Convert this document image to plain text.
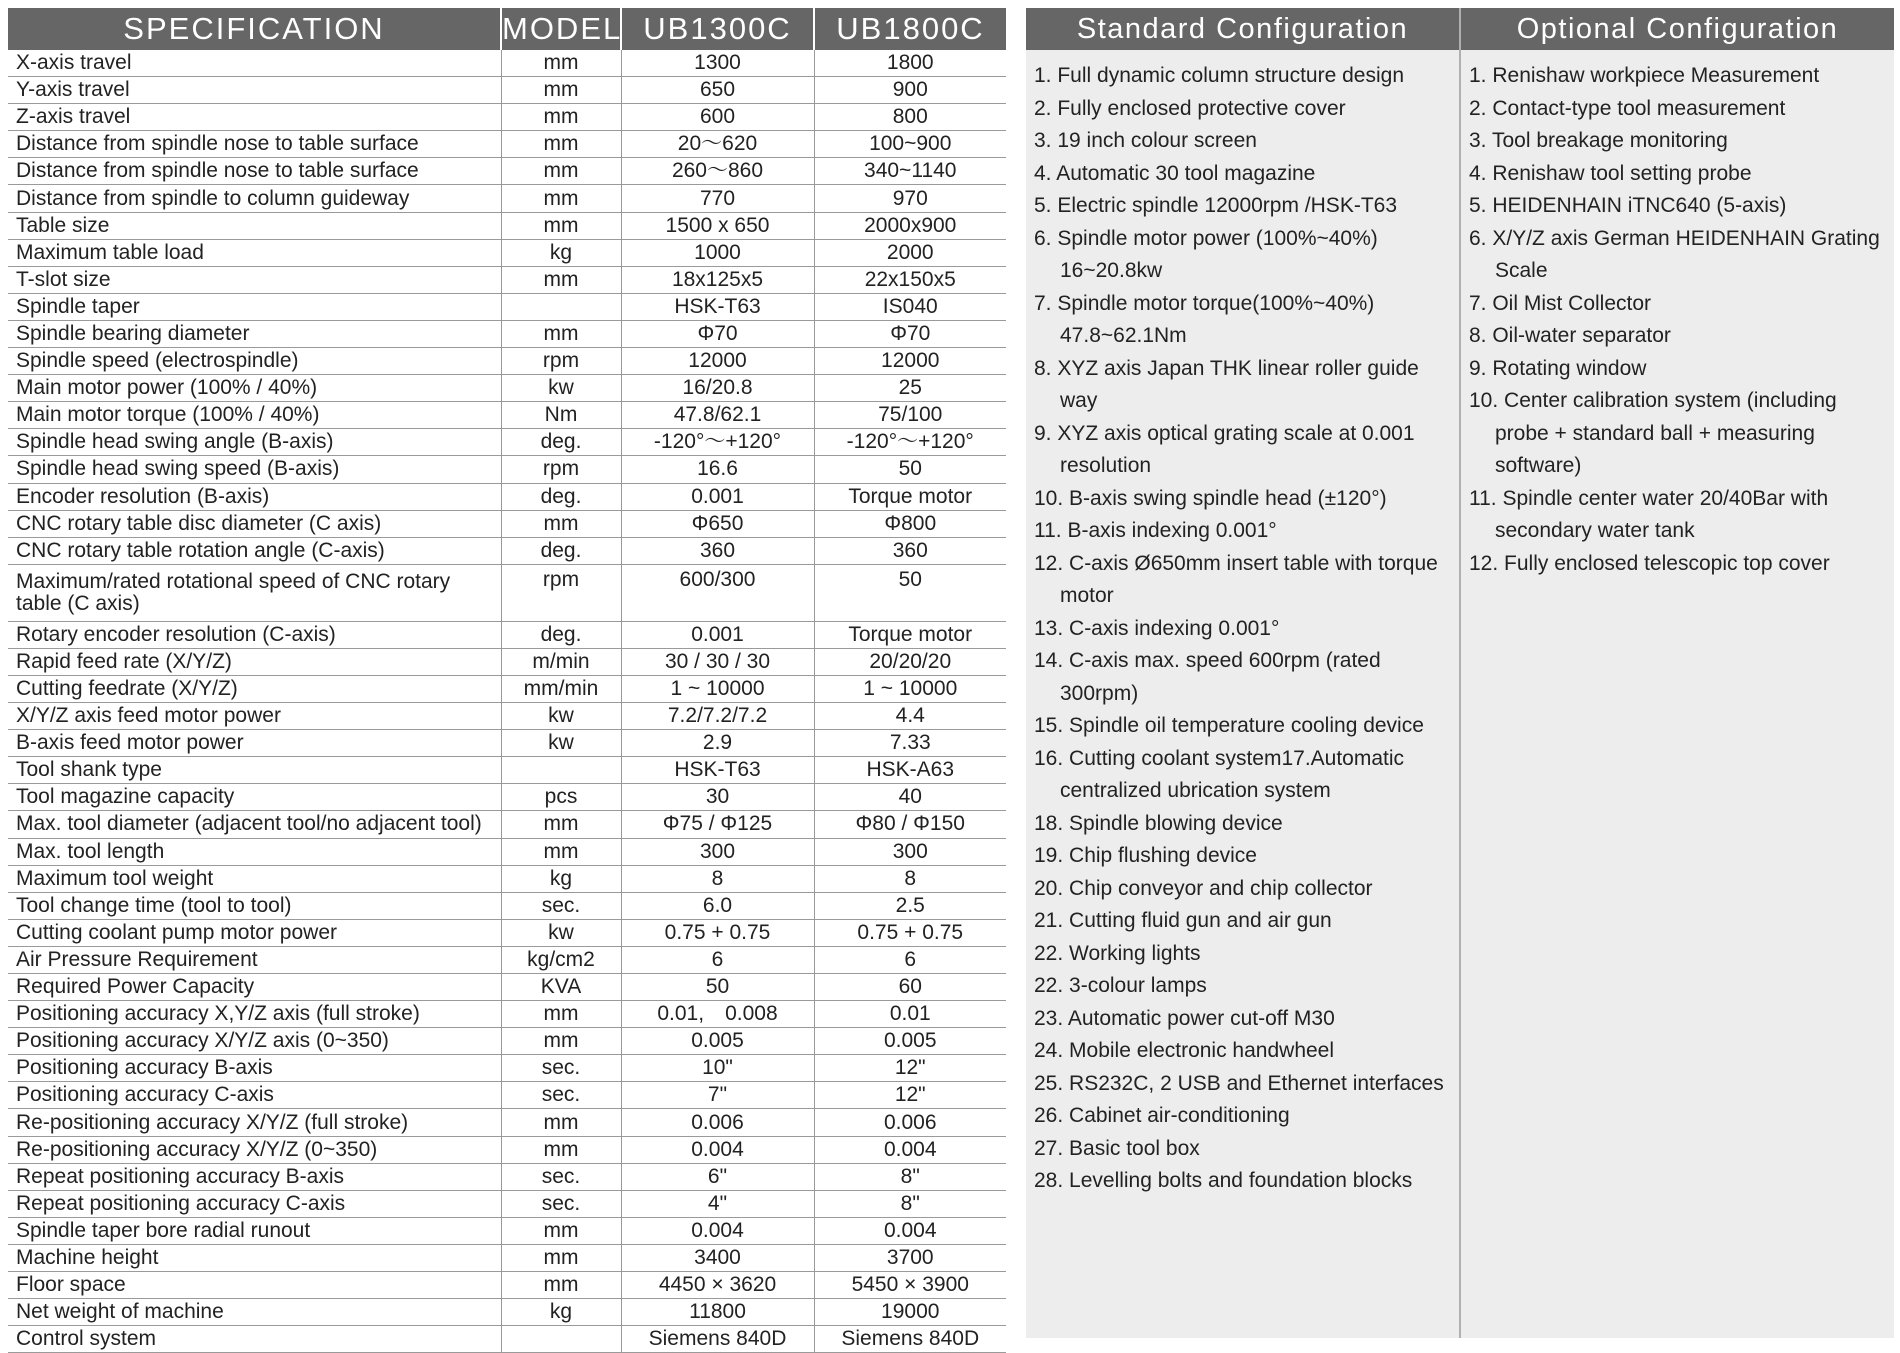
SPECIFICATION	MODEL	UB1300C	UB1800C
X-axis travel	mm	1300	1800
Y-axis travel	mm	650	900
Z-axis travel	mm	600	800
Distance from spindle nose to table surface	mm	20～620	100~900
Distance from spindle nose to table surface	mm	260～860	340~1140
Distance from spindle to column guideway	mm	770	970
Table size	mm	1500 x 650	2000x900
Maximum table load	kg	1000	2000
T-slot size	mm	18x125x5	22x150x5
Spindle taper		HSK-T63	IS040
Spindle bearing diameter	mm	Φ70	Φ70
Spindle speed (electrospindle)	rpm	12000	12000
Main motor power (100% / 40%)	kw	16/20.8	25
Main motor torque (100% / 40%)	Nm	47.8/62.1	75/100
Spindle head swing angle (B-axis)	deg.	-120°～+120°	-120°～+120°
Spindle head swing speed (B-axis)	rpm	16.6	50
Encoder resolution (B-axis)	deg.	0.001	Torque motor
CNC rotary table disc diameter (C axis)	mm	Φ650	Φ800
CNC rotary table rotation angle (C-axis)	deg.	360	360
Maximum/rated rotational speed of CNC rotary table (C axis)	rpm	600/300	50
Rotary encoder resolution (C-axis)	deg.	0.001	Torque motor
Rapid feed rate (X/Y/Z)	m/min	30 / 30 / 30	20/20/20
Cutting feedrate (X/Y/Z)	mm/min	1 ~ 10000	1 ~ 10000
X/Y/Z axis feed motor power	kw	7.2/7.2/7.2	4.4
B-axis feed motor power	kw	2.9	7.33
Tool shank type		HSK-T63	HSK-A63
Tool magazine capacity	pcs	30	40
Max. tool diameter (adjacent tool/no adjacent tool)	mm	Φ75 / Φ125	Φ80 / Φ150
Max. tool length	mm	300	300
Maximum tool weight	kg	8	8
Tool change time (tool to tool)	sec.	6.0	2.5
Cutting coolant pump motor power	kw	0.75 + 0.75	0.75 + 0.75
Air Pressure Requirement	kg/cm2	6	6
Required Power Capacity	KVA	50	60
Positioning accuracy X,Y/Z axis (full stroke)	mm	0.01,　0.008	0.01
Positioning accuracy X/Y/Z axis (0~350)	mm	0.005	0.005
Positioning accuracy B-axis	sec.	10"	12"
Positioning accuracy C-axis	sec.	7"	12"
Re-positioning accuracy X/Y/Z (full stroke)	mm	0.006	0.006
Re-positioning accuracy X/Y/Z (0~350)	mm	0.004	0.004
Repeat positioning accuracy B-axis	sec.	6"	8"
Repeat positioning accuracy C-axis	sec.	4"	8"
Spindle taper bore radial runout	mm	0.004	0.004
Machine height	mm	3400	3700
Floor space	mm	4450 × 3620	5450 × 3900
Net weight of machine	kg	11800	19000
Control system		Siemens 840D	Siemens 840D
Standard Configuration
1. Full dynamic column structure design
2. Fully enclosed protective cover
3. 19 inch colour screen
4. Automatic 30 tool magazine
5. Electric spindle 12000rpm /HSK-T63
6. Spindle motor power (100%~40%) 16~20.8kw
7. Spindle motor torque(100%~40%) 47.8~62.1Nm
8. XYZ axis Japan THK linear roller guide way
9. XYZ axis optical grating scale at 0.001 resolution
10. B-axis swing spindle head (±120°)
11. B-axis indexing 0.001°
12. C-axis Ø650mm insert table with torque motor
13. C-axis indexing 0.001°
14. C-axis max. speed 600rpm (rated 300rpm)
15. Spindle oil temperature cooling device
16. Cutting coolant system17.Automatic centralized ubrication system
18. Spindle blowing device
19. Chip flushing device
20. Chip conveyor and chip collector
21. Cutting fluid gun and air gun
22. Working lights
22. 3-colour lamps
23. Automatic power cut-off M30
24. Mobile electronic handwheel
25. RS232C, 2 USB and Ethernet interfaces
26. Cabinet air-conditioning
27. Basic tool box
28. Levelling bolts and foundation blocks
Optional Configuration
1. Renishaw workpiece Measurement
2. Contact-type tool measurement
3. Tool breakage monitoring
4. Renishaw tool setting probe
5. HEIDENHAIN iTNC640 (5-axis)
6. X/Y/Z axis German HEIDENHAIN Grating Scale
7. Oil Mist Collector
8. Oil-water separator
9. Rotating window
10. Center calibration system (including probe + standard ball + measuring software)
11. Spindle center water 20/40Bar with secondary water tank
12. Fully enclosed telescopic top cover
